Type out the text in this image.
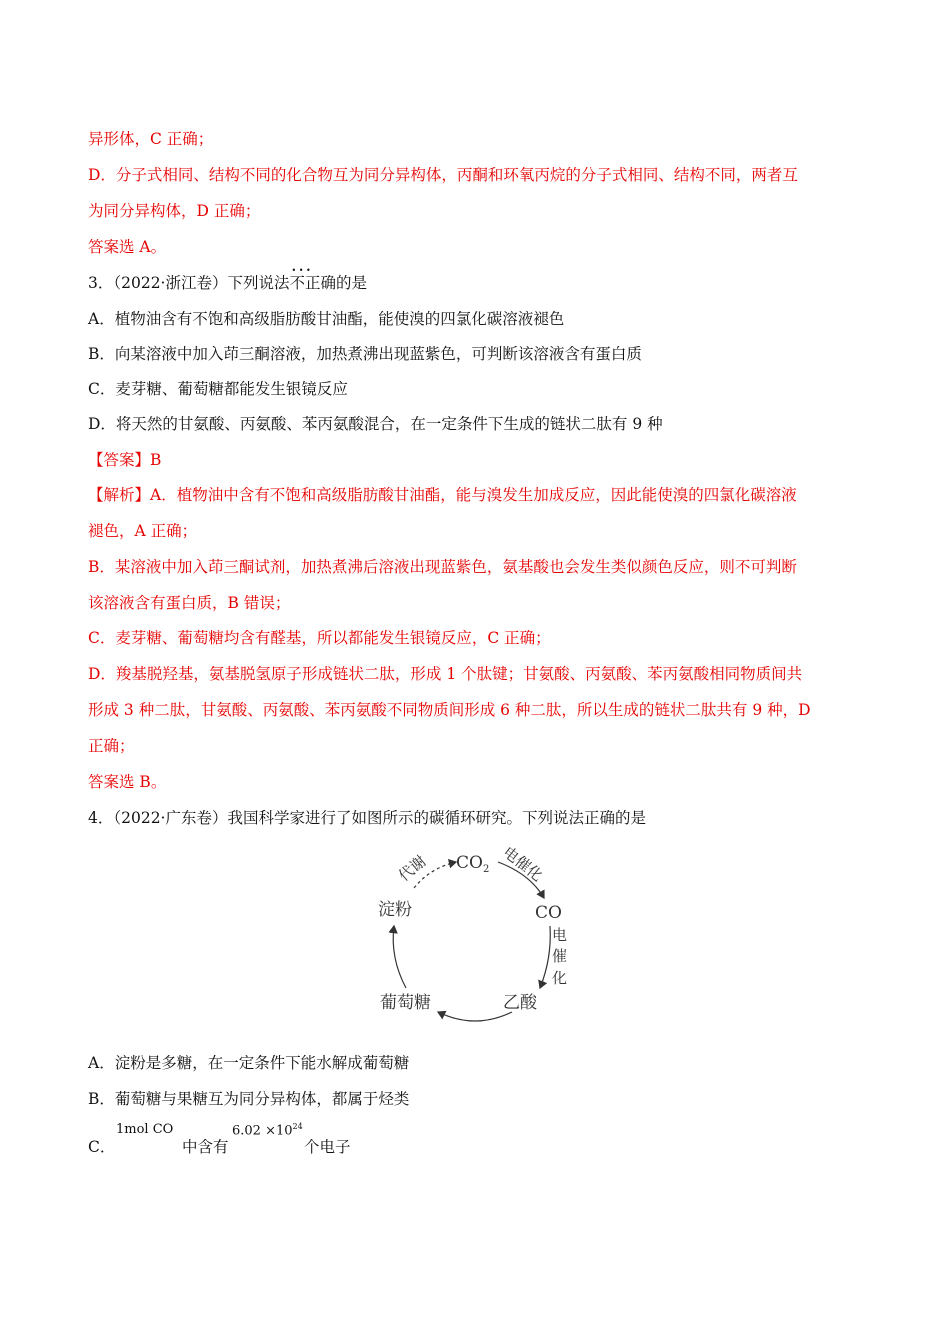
异形体，C 正确；
D．分子式相同、结构不同的化合物互为同分异构体，丙酮和环氧丙烷的分子式相同、结构不同，两者互
为同分异构体，D 正确；
答案选 A。
3．（2022·浙江卷）下列说法• • • 不正确的是
A．植物油含有不饱和高级脂肪酸甘油酯，能使溴的四氯化碳溶液褪色
B．向某溶液中加入茚三酮溶液，加热煮沸出现蓝紫色，可判断该溶液含有蛋白质
C．麦芽糖、葡萄糖都能发生银镜反应
D．将天然的甘氨酸、丙氨酸、苯丙氨酸混合，在一定条件下生成的链状二肽有 9 种
【答案】B
【解析】A．植物油中含有不饱和高级脂肪酸甘油酯，能与溴发生加成反应，因此能使溴的四氯化碳溶液
褪色，A 正确；
B．某溶液中加入茚三酮试剂，加热煮沸后溶液出现蓝紫色，氨基酸也会发生类似颜色反应，则不可判断
该溶液含有蛋白质，B 错误；
C．麦芽糖、葡萄糖均含有醛基，所以都能发生银镜反应，C 正确；
D．羧基脱羟基，氨基脱氢原子形成链状二肽，形成 1 个肽键；甘氨酸、丙氨酸、苯丙氨酸相同物质间共
形成 3 种二肽，甘氨酸、丙氨酸、苯丙氨酸不同物质间形成 6 种二肽，所以生成的链状二肽共有 9 种，D
正确；
答案选 B。
4．（2022·广东卷）我国科学家进行了如图所示的碳循环研究。下列说法正确的是
$CO_2$
CO
淀粉
葡萄糖	乙酸
代谢	电催化
电
催
化
A．淀粉是多糖，在一定条件下能水解成葡萄糖
B．葡萄糖与果糖互为同分异构体，都属于烃类
C．
1mol CO
中含有
$6.02 \times 10^{24}$
个电子
